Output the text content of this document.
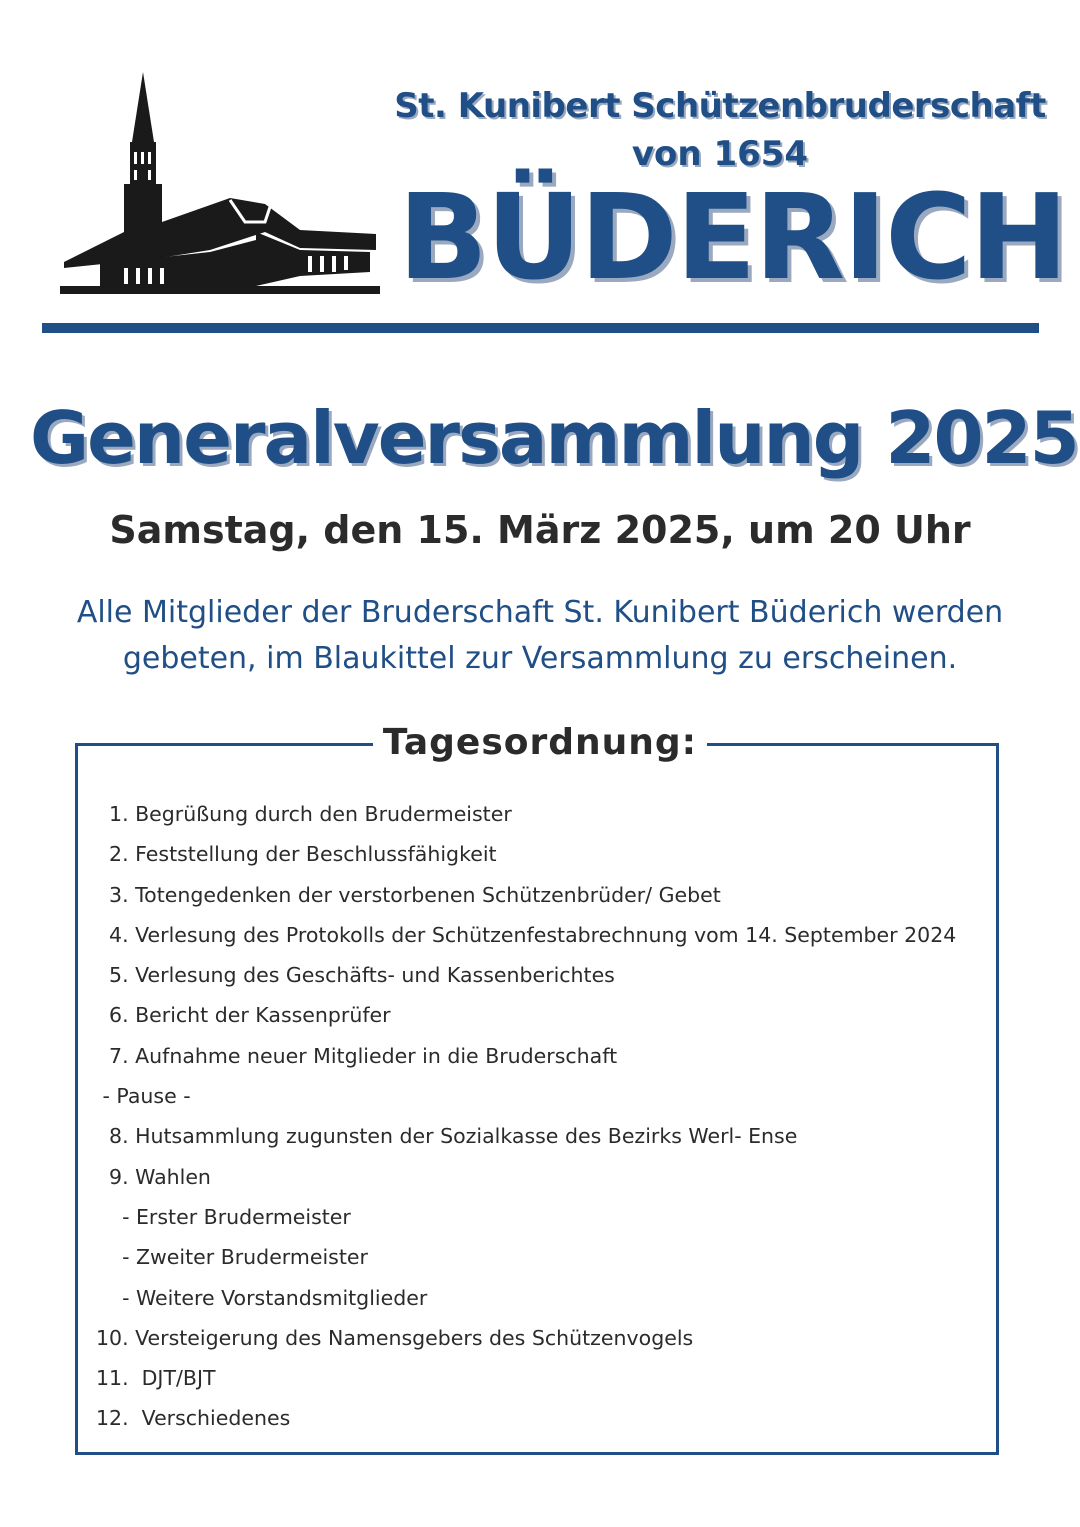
St. Kunibert Schützenbruderschaft
von 1654
BÜDERICH
Generalversammlung 2025
Samstag, den 15. März 2025, um 20 Uhr
Alle Mitglieder der Bruderschaft St. Kunibert Büderich werden
gebeten, im Blaukittel zur Versammlung zu erscheinen.
Tagesordnung:
1. Begrüßung durch den Brudermeister
2. Feststellung der Beschlussfähigkeit
3. Totengedenken der verstorbenen Schützenbrüder/ Gebet
4. Verlesung des Protokolls der Schützenfestabrechnung vom 14. September 2024
5. Verlesung des Geschäfts- und Kassenberichtes
6. Bericht der Kassenprüfer
7. Aufnahme neuer Mitglieder in die Bruderschaft
- Pause -
8. Hutsammlung zugunsten der Sozialkasse des Bezirks Werl- Ense
9. Wahlen
- Erster Brudermeister
- Zweiter Brudermeister
- Weitere Vorstandsmitglieder
10. Versteigerung des Namensgebers des Schützenvogels
11.  DJT/BJT
12.  Verschiedenes
